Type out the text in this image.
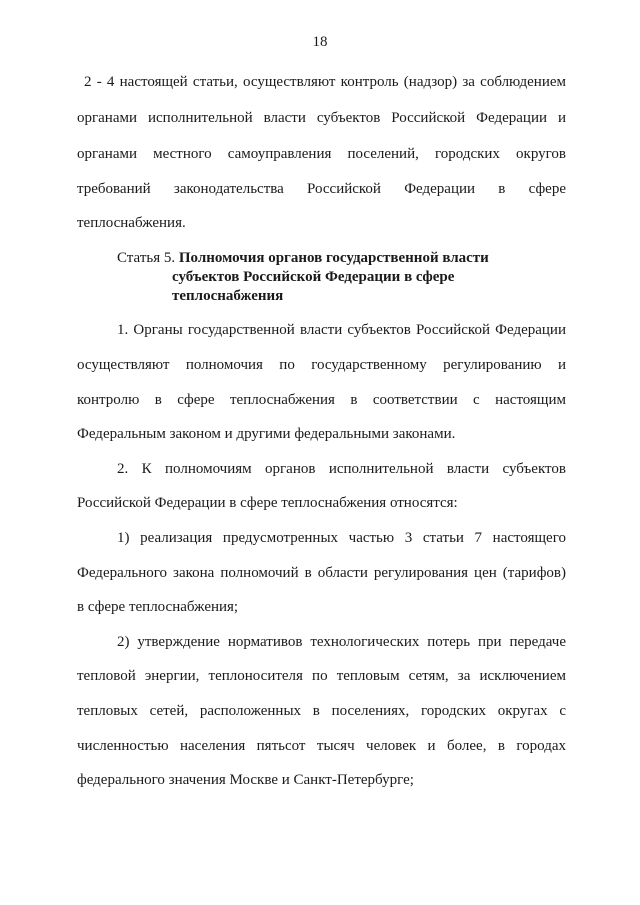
18
2 - 4 настоящей статьи, осуществляют контроль (надзор) за соблюдением
органами исполнительной власти субъектов Российской Федерации и
органами местного самоуправления поселений, городских округов
требований законодательства Российской Федерации в сфере
теплоснабжения.
Статья 5. Полномочия органов государственной власти
субъектов Российской Федерации в сфере
теплоснабжения
1. Органы государственной власти субъектов Российской Федерации
осуществляют полномочия по государственному регулированию и
контролю в сфере теплоснабжения в соответствии с настоящим
Федеральным законом и другими федеральными законами.
2. К полномочиям органов исполнительной власти субъектов
Российской Федерации в сфере теплоснабжения относятся:
1) реализация предусмотренных частью 3 статьи 7 настоящего
Федерального закона полномочий в области регулирования цен (тарифов)
в сфере теплоснабжения;
2) утверждение нормативов технологических потерь при передаче
тепловой энергии, теплоносителя по тепловым сетям, за исключением
тепловых сетей, расположенных в поселениях, городских округах с
численностью населения пятьсот тысяч человек и более, в городах
федерального значения Москве и Санкт-Петербурге;
